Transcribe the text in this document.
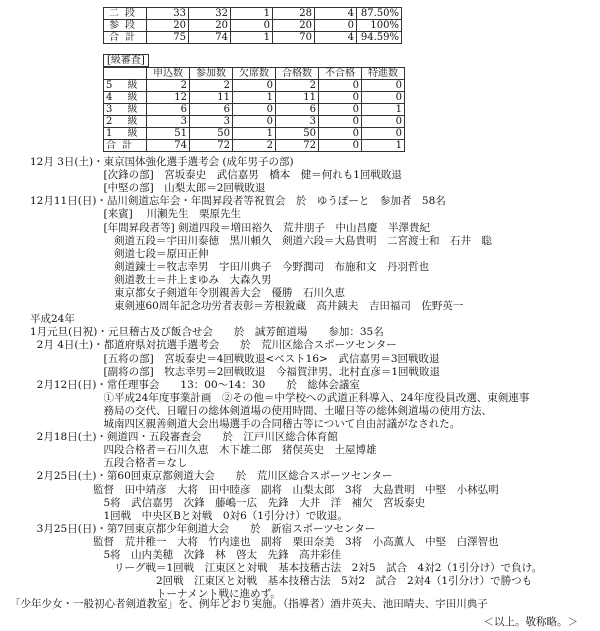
二段	33	32	1	28	4	87.50%
参段	20	20	0	20	0	100%
合計	75	74	1	70	4	94.59%
[級審査]
	申込数	参加数	欠席数	合格数	不合格	特進数
5 級	2	2	0	2	0	0
4 級	12	11	1	11	0	0
3 級	6	6	0	6	0	1
2 級	3	3	0	3	0	0
1 級	51	50	1	50	0	0
合計	74	72	2	72	0	1
12月 3日(土)・東京国体強化選手選考会 (成年男子の部)
　　　　　　　[次鋒の部]　宮坂泰史　武信嘉男　橋本　健＝何れも1回戦敗退
　　　　　　　[中堅の部]　山梨太郎＝2回戦敗退
12月11日(日)・品川剣道忘年会・年間昇段者等祝賀会　於　ゆうぽーと　参加者　58名
　　　　　　　[来賓]　 川瀬先生　栗原先生
　　　　　　　[年間昇段者等] 剣道四段＝増田裕久　荒井朋子　中山昌慶　半澤貴紀
　　　　　　　　剣道五段＝宇田川泰徳　黒川頼久　剣道六段＝大島貴明　二宮渡士和　石井　聡
　　　　　　　　剣道七段＝原田正伸
　　　　　　　　剣道錬士＝牧志幸男　宇田川典子　今野潤司　布施和文　丹羽哲也
　　　　　　　　剣道教士＝井上まゆみ　大森久男
　　　　　　　　東京都女子剣道年令別親善大会　優勝　石川久恵
　　　　　　　　東剣連60周年記念功労者表彰＝芳根銳蔵　高井銕夫　吉田福司　佐野英一
平成24年
1月元旦(日祝)・元旦稽古及び飯合せ会　　於　誠芳館道場　　参加：35名
2月 4日(土)・都道府県対抗選手選考会　　於　荒川区総合スポーツセンター
　　　　　　　[五将の部]　宮坂泰史＝4回戦敗退<ベスト16>　武信嘉男＝3回戦敗退
　　　　　　　[副将の部]　牧志幸男＝2回戦敗退　今福賀津男、北村直彦＝1回戦敗退
2月12日(日)・常任理事会　　13：00～14：30　　於　総体会議室
　　　　　　　①平成24年度事業計画　②その他＝中学校への武道正科導入、24年度役員改選、東剣連事
　　　　　　　務局の交代、日曜日の総体剣道場の使用時間、土曜日等の総体剣道場の使用方法、
　　　　　　　城南四区親善剣道大会出場選手の合同稽古等について自由討議がなされた。
2月18日(土)・剣道四・五段審査会　　於　江戸川区総合体育館
　　　　　　　四段合格者＝石川久恵　木下雄二郎　猪俣英史　土屋博雄
　　　　　　　五段合格者＝なし
2月25日(土)・第60回東京都剣道大会　　於　荒川区総合スポーツセンター
　　　　　　監督　田中靖彦　大将　田中睦彦　副将　山梨太郎　3将　大島貴明　中堅　小林弘明
　　　　　　　5将　武信嘉男　次鋒　藤嶋一広　先鋒　大井　洋　補欠　宮坂泰史
　　　　　　　1回戦　中央区Bと対戦　0対6（1引分け）で敗退。
3月25日(日)・第7回東京都少年剣道大会　　於　新宿スポーツセンター
　　　　　　監督　荒井稚一　大将　竹内達也　副将　栗田奈美　3将　小高薫人　中堅　白澤智也
　　　　　　　5将　山内美穂　次鋒　林　啓太　先鋒　高井彩佳
　　　　　　　　リーグ戦＝1回戦　江東区と対戦　基本技稽古法　2対5　試合　4対2（1引分け）で負け。
　　　　　　　　　　　　2回戦　江東区と対戦　基本技稽古法　5対2　試合　2対4（1引分け）で勝つも
　　　　　　　　　　　　トーナメント戦に進めず。
「少年少女・一般初心者剣道教室」を、例年どおり実施。（指導者）酒井英夫、池田晴夫、宇田川典子
＜以上。敬称略。＞
